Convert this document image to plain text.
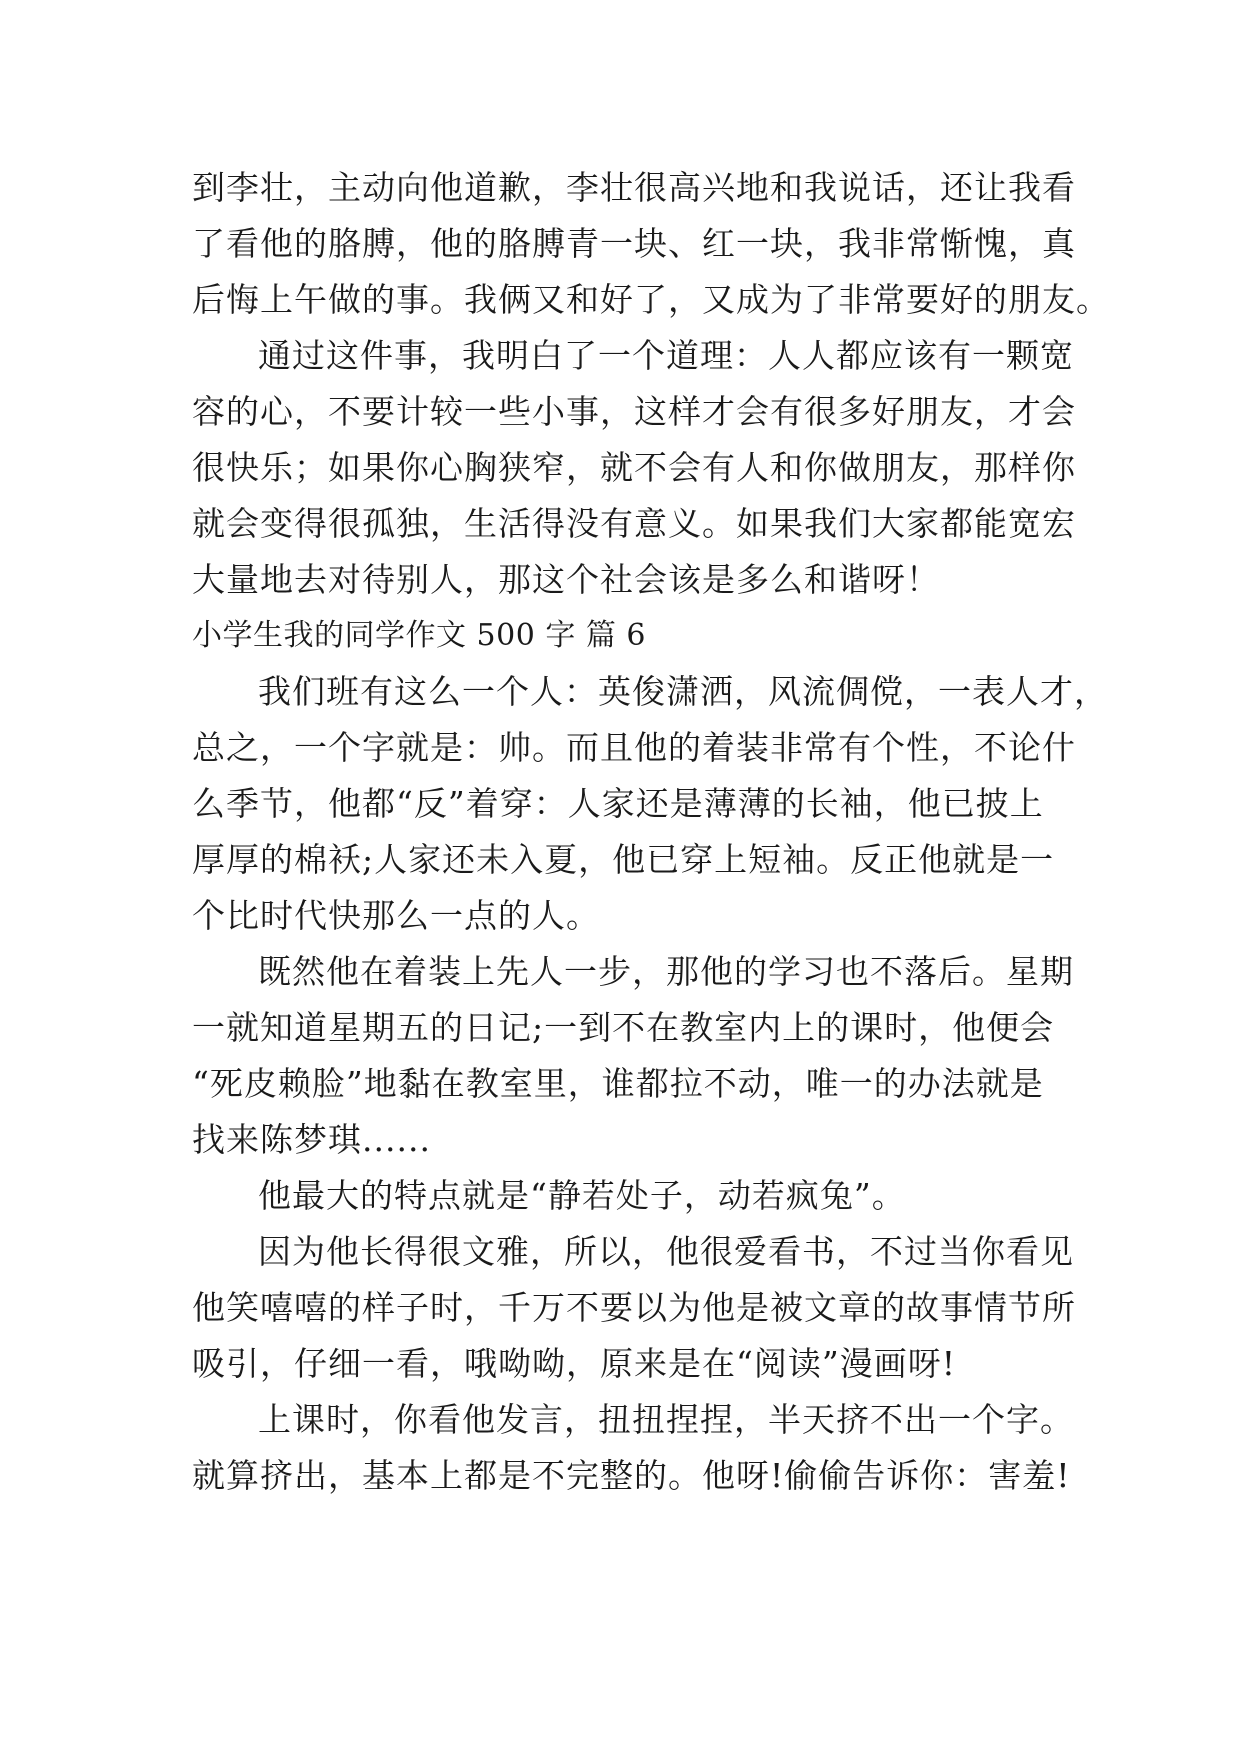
到李壮，主动向他道歉，李壮很高兴地和我说话，还让我看
了看他的胳膊，他的胳膊青一块、红一块，我非常惭愧，真
后悔上午做的事。我俩又和好了，又成为了非常要好的朋友。
通过这件事，我明白了一个道理：人人都应该有一颗宽
容的心，不要计较一些小事，这样才会有很多好朋友，才会
很快乐；如果你心胸狭窄，就不会有人和你做朋友，那样你
就会变得很孤独，生活得没有意义。如果我们大家都能宽宏
大量地去对待别人，那这个社会该是多么和谐呀！
小学生我的同学作文 500 字 篇 6
我们班有这么一个人：英俊潇洒，风流倜傥，一表人才，
总之，一个字就是：帅。而且他的着装非常有个性，不论什
么季节，他都“反”着穿：人家还是薄薄的长袖，他已披上
厚厚的棉袄;人家还未入夏，他已穿上短袖。反正他就是一
个比时代快那么一点的人。
既然他在着装上先人一步，那他的学习也不落后。星期
一就知道星期五的日记;一到不在教室内上的课时，他便会
“死皮赖脸”地黏在教室里，谁都拉不动，唯一的办法就是
找来陈梦琪......
他最大的特点就是“静若处子，动若疯兔”。
因为他长得很文雅，所以，他很爱看书，不过当你看见
他笑嘻嘻的样子时，千万不要以为他是被文章的故事情节所
吸引，仔细一看，哦呦呦，原来是在“阅读”漫画呀!
上课时，你看他发言，扭扭捏捏，半天挤不出一个字。
就算挤出，基本上都是不完整的。他呀!偷偷告诉你：害羞!
